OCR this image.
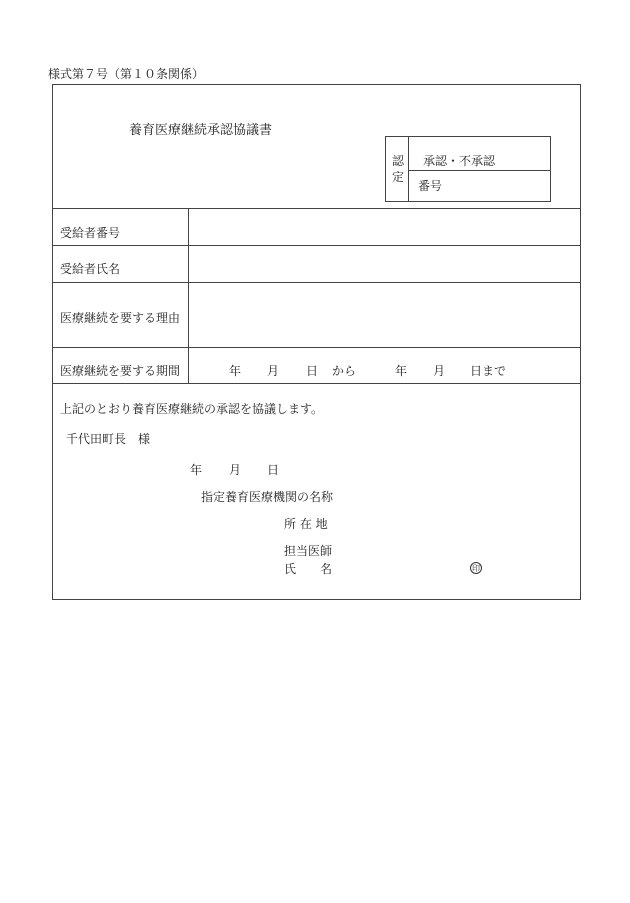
様式第７号（第１０条関係）
養育医療継続承認協議書
認
定
承認・不承認
番号
受給者番号
受給者氏名
医療継続を要する理由
医療継続を要する期間	年 月 日 から	年 月 日まで
上記のとおり養育医療継続の承認を協議します。
千代田町長　様
年 月 日
指定養育医療機関の名称
所 在 地
担当医師
氏 名	印
